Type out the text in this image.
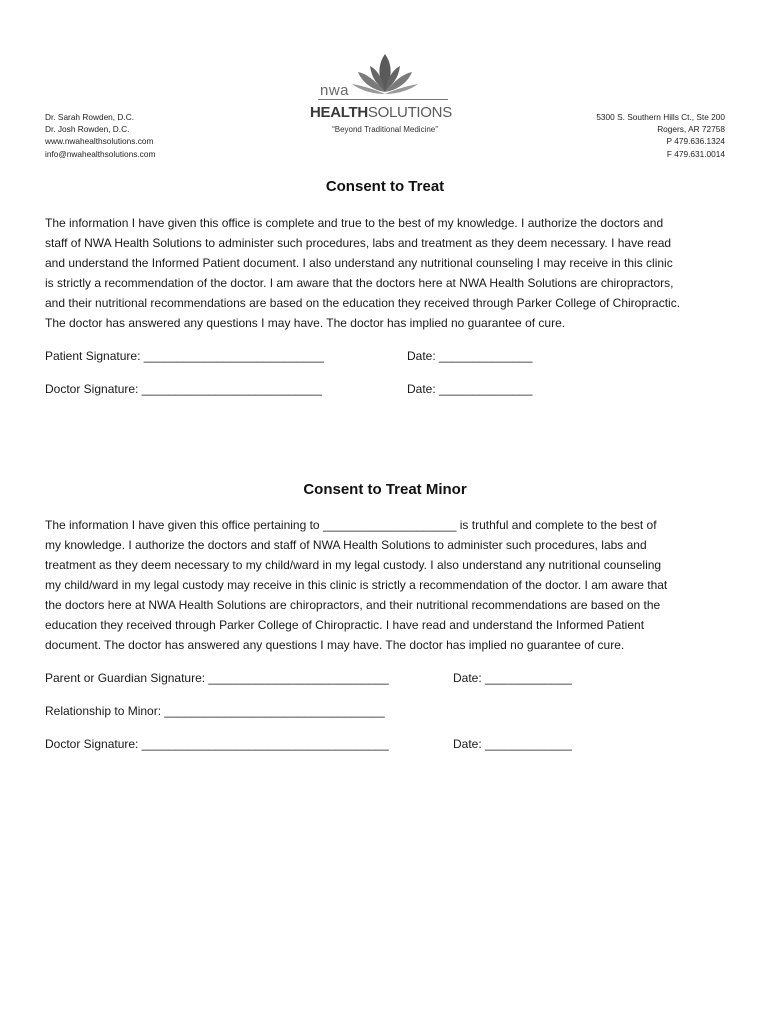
Dr. Sarah Rowden, D.C.
Dr. Josh Rowden, D.C.
www.nwahealthsolutions.com
info@nwahealthsolutions.com
nwa
HEALTHSOLUTIONS
“Beyond Traditional Medicine”
5300 S. Southern Hills Ct., Ste 200
Rogers, AR 72758
P 479.636.1324
F 479.631.0014
Consent to Treat

The information I have given this office is complete and true to the best of my knowledge. I authorize the doctors and

staff of NWA Health Solutions to administer such procedures, labs and treatment as they deem necessary. I have read

and understand the Informed Patient document. I also understand any nutritional counseling I may receive in this clinic

is strictly a recommendation of the doctor. I am aware that the doctors here at NWA Health Solutions are chiropractors,

and their nutritional recommendations are based on the education they received through Parker College of Chiropractic.

The doctor has answered any questions I may have. The doctor has implied no guarantee of cure.

Patient Signature: ___________________________	Date: ______________
Doctor Signature: ___________________________	Date: ______________
Consent to Treat Minor

The information I have given this office pertaining to ____________________ is truthful and complete to the best of

my knowledge. I authorize the doctors and staff of NWA Health Solutions to administer such procedures, labs and

treatment as they deem necessary to my child/ward in my legal custody. I also understand any nutritional counseling

my child/ward in my legal custody may receive in this clinic is strictly a recommendation of the doctor. I am aware that

the doctors here at NWA Health Solutions are chiropractors, and their nutritional recommendations are based on the

education they received through Parker College of Chiropractic. I have read and understand the Informed Patient

document. The doctor has answered any questions I may have. The doctor has implied no guarantee of cure.

Parent or Guardian Signature: ___________________________	Date: _____________
Relationship to Minor: _________________________________
Doctor Signature: _____________________________________	Date: _____________
